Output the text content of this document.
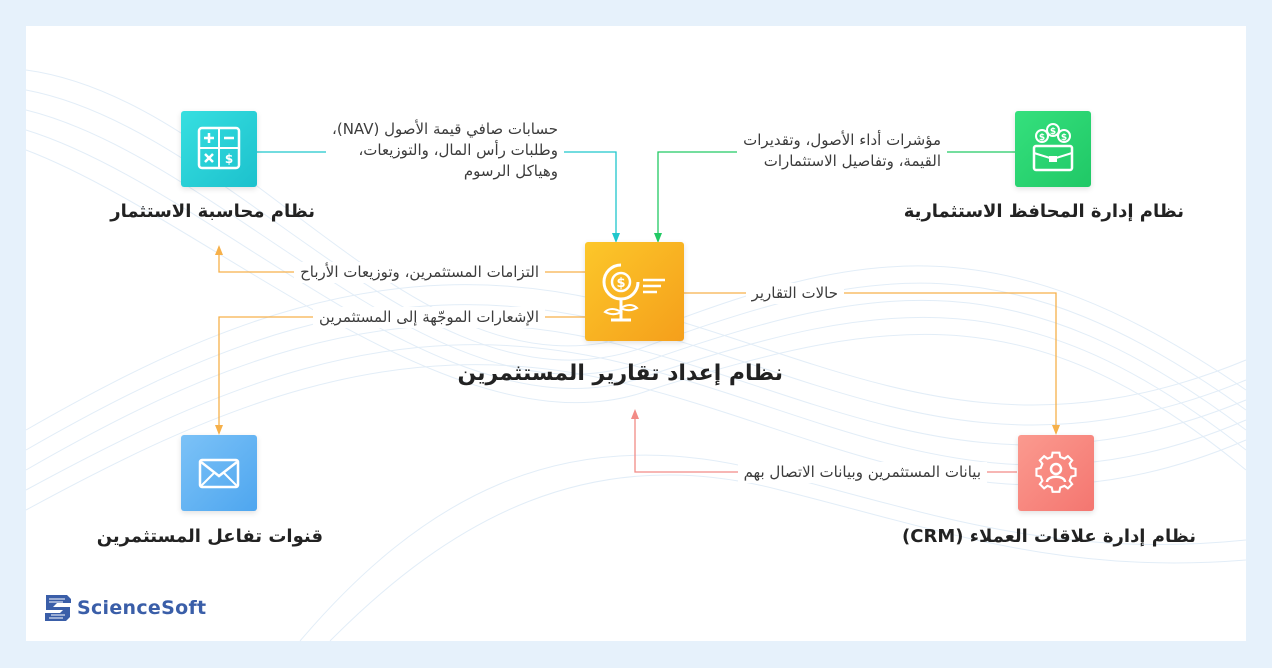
حسابات صافي قيمة الأصول (NAV)،
وطلبات رأس المال، والتوزيعات،
وهياكل الرسوم
مؤشرات أداء الأصول، وتقديرات
القيمة، وتفاصيل الاستثمارات
التزامات المستثمرين، وتوزيعات الأرباح
الإشعارات الموجّهة إلى المستثمرين
حالات التقارير
بيانات المستثمرين وبيانات الاتصال بهم
$
نظام محاسبة الاستثمار
$
$
$
نظام إدارة المحافظ الاستثمارية
$
نظام إعداد تقارير المستثمرين
قنوات تفاعل المستثمرين	نظام إدارة علاقات العملاء (CRM)
ScienceSoft
